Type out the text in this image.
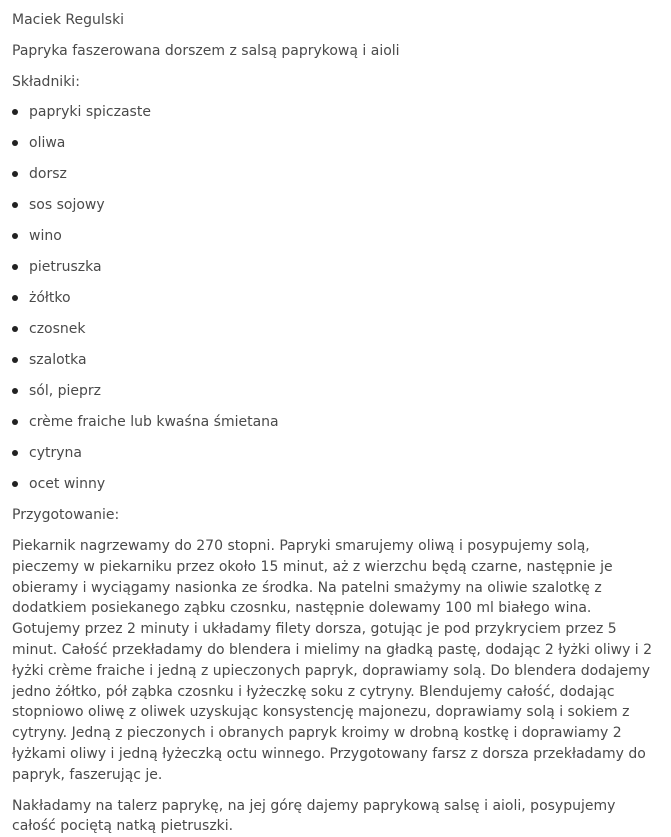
Maciek Regulski

Papryka faszerowana dorszem z salsą paprykową i aioli

Składniki:

papryki spiczaste
oliwa
dorsz
sos sojowy
wino
pietruszka
żółtko
czosnek
szalotka
sól, pieprz
crème fraiche lub kwaśna śmietana
cytryna
ocet winny

Przygotowanie:

Piekarnik nagrzewamy do 270 stopni. Papryki smarujemy oliwą i posypujemy solą, pieczemy w piekarniku przez około 15 minut, aż z wierzchu będą czarne, następnie je obieramy i wyciągamy nasionka ze środka. Na patelni smażymy na oliwie szalotkę z dodatkiem posiekanego ząbku czosnku, następnie dolewamy 100 ml białego wina. Gotujemy przez 2 minuty i układamy filety dorsza, gotując je pod przykryciem przez 5 minut. Całość przekładamy do blendera i mielimy na gładką pastę, dodając 2 łyżki oliwy i 2 łyżki crème fraiche i jedną z upieczonych papryk, doprawiamy solą. Do blendera dodajemy jedno żółtko, pół ząbka czosnku i łyżeczkę soku z cytryny. Blendujemy całość, dodając stopniowo oliwę z oliwek uzyskując konsystencję majonezu, doprawiamy solą i sokiem z cytryny. Jedną z pieczonych i obranych papryk kroimy w drobną kostkę i doprawiamy 2 łyżkami oliwy i jedną łyżeczką octu winnego. Przygotowany farsz z dorsza przekładamy do papryk, faszerując je.

Nakładamy na talerz paprykę, na jej górę dajemy paprykową salsę i aioli, posypujemy całość pociętą natką pietruszki.
